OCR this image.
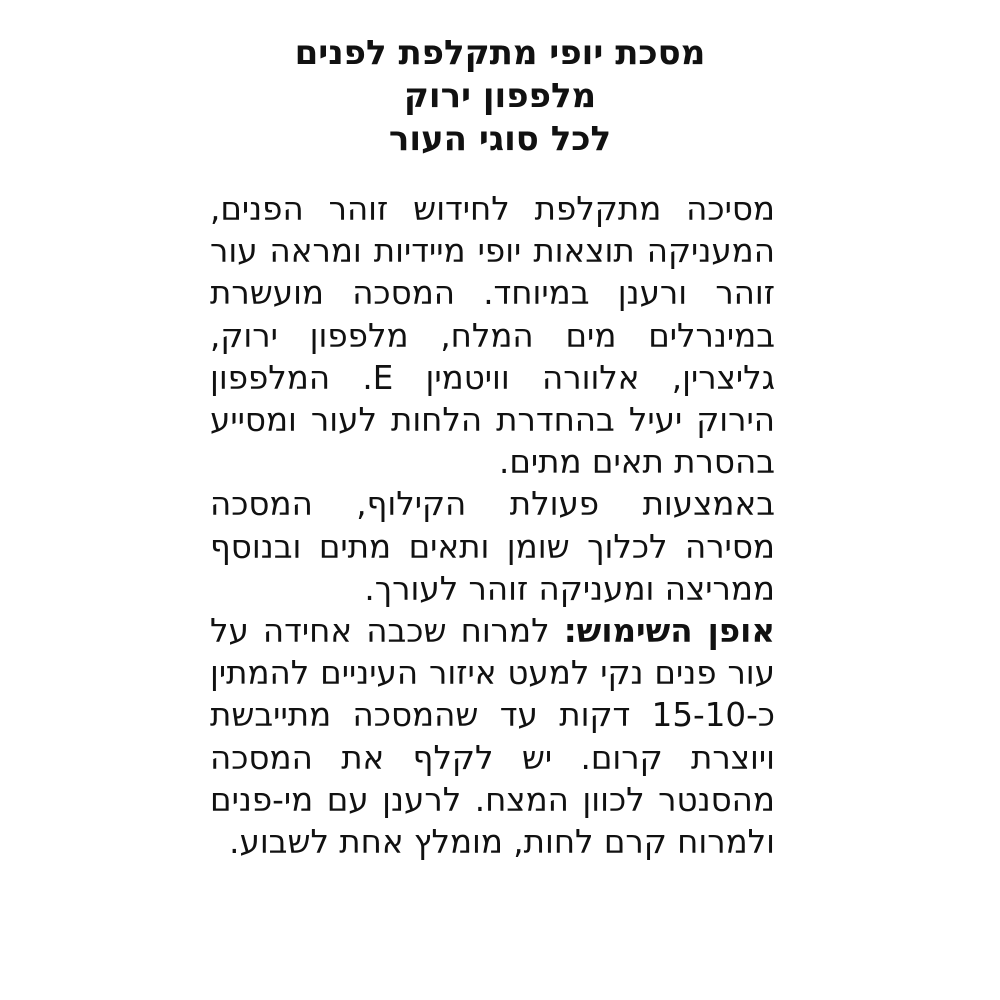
מסכת יופי מתקלפת לפנים
מלפפון ירוק
לכל סוגי העור

מסיכה מתקלפת לחידוש זוהר הפנים, המעניקה תוצאות יופי מיידיות ומראה עור זוהר ורענן במיוחד. המסכה מועשרת במינרלים מים המלח, מלפפון ירוק, גליצרין, אלוורה וויטמין E. המלפפון הירוק יעיל בהחדרת הלחות לעור ומסייע בהסרת תאים מתים.

באמצעות פעולת הקילוף, המסכה מסירה לכלוך שומן ותאים מתים ובנוסף ממריצה ומעניקה זוהר לעורך.

אופן השימוש: למרוח שכבה אחידה על עור פנים נקי למעט איזור העיניים להמתין כ-15-10 דקות עד שהמסכה מתייבשת ויוצרת קרום. יש לקלף את המסכה מהסנטר לכוון המצח. לרענן עם מי-פנים ולמרוח קרם לחות, מומלץ אחת לשבוע.
